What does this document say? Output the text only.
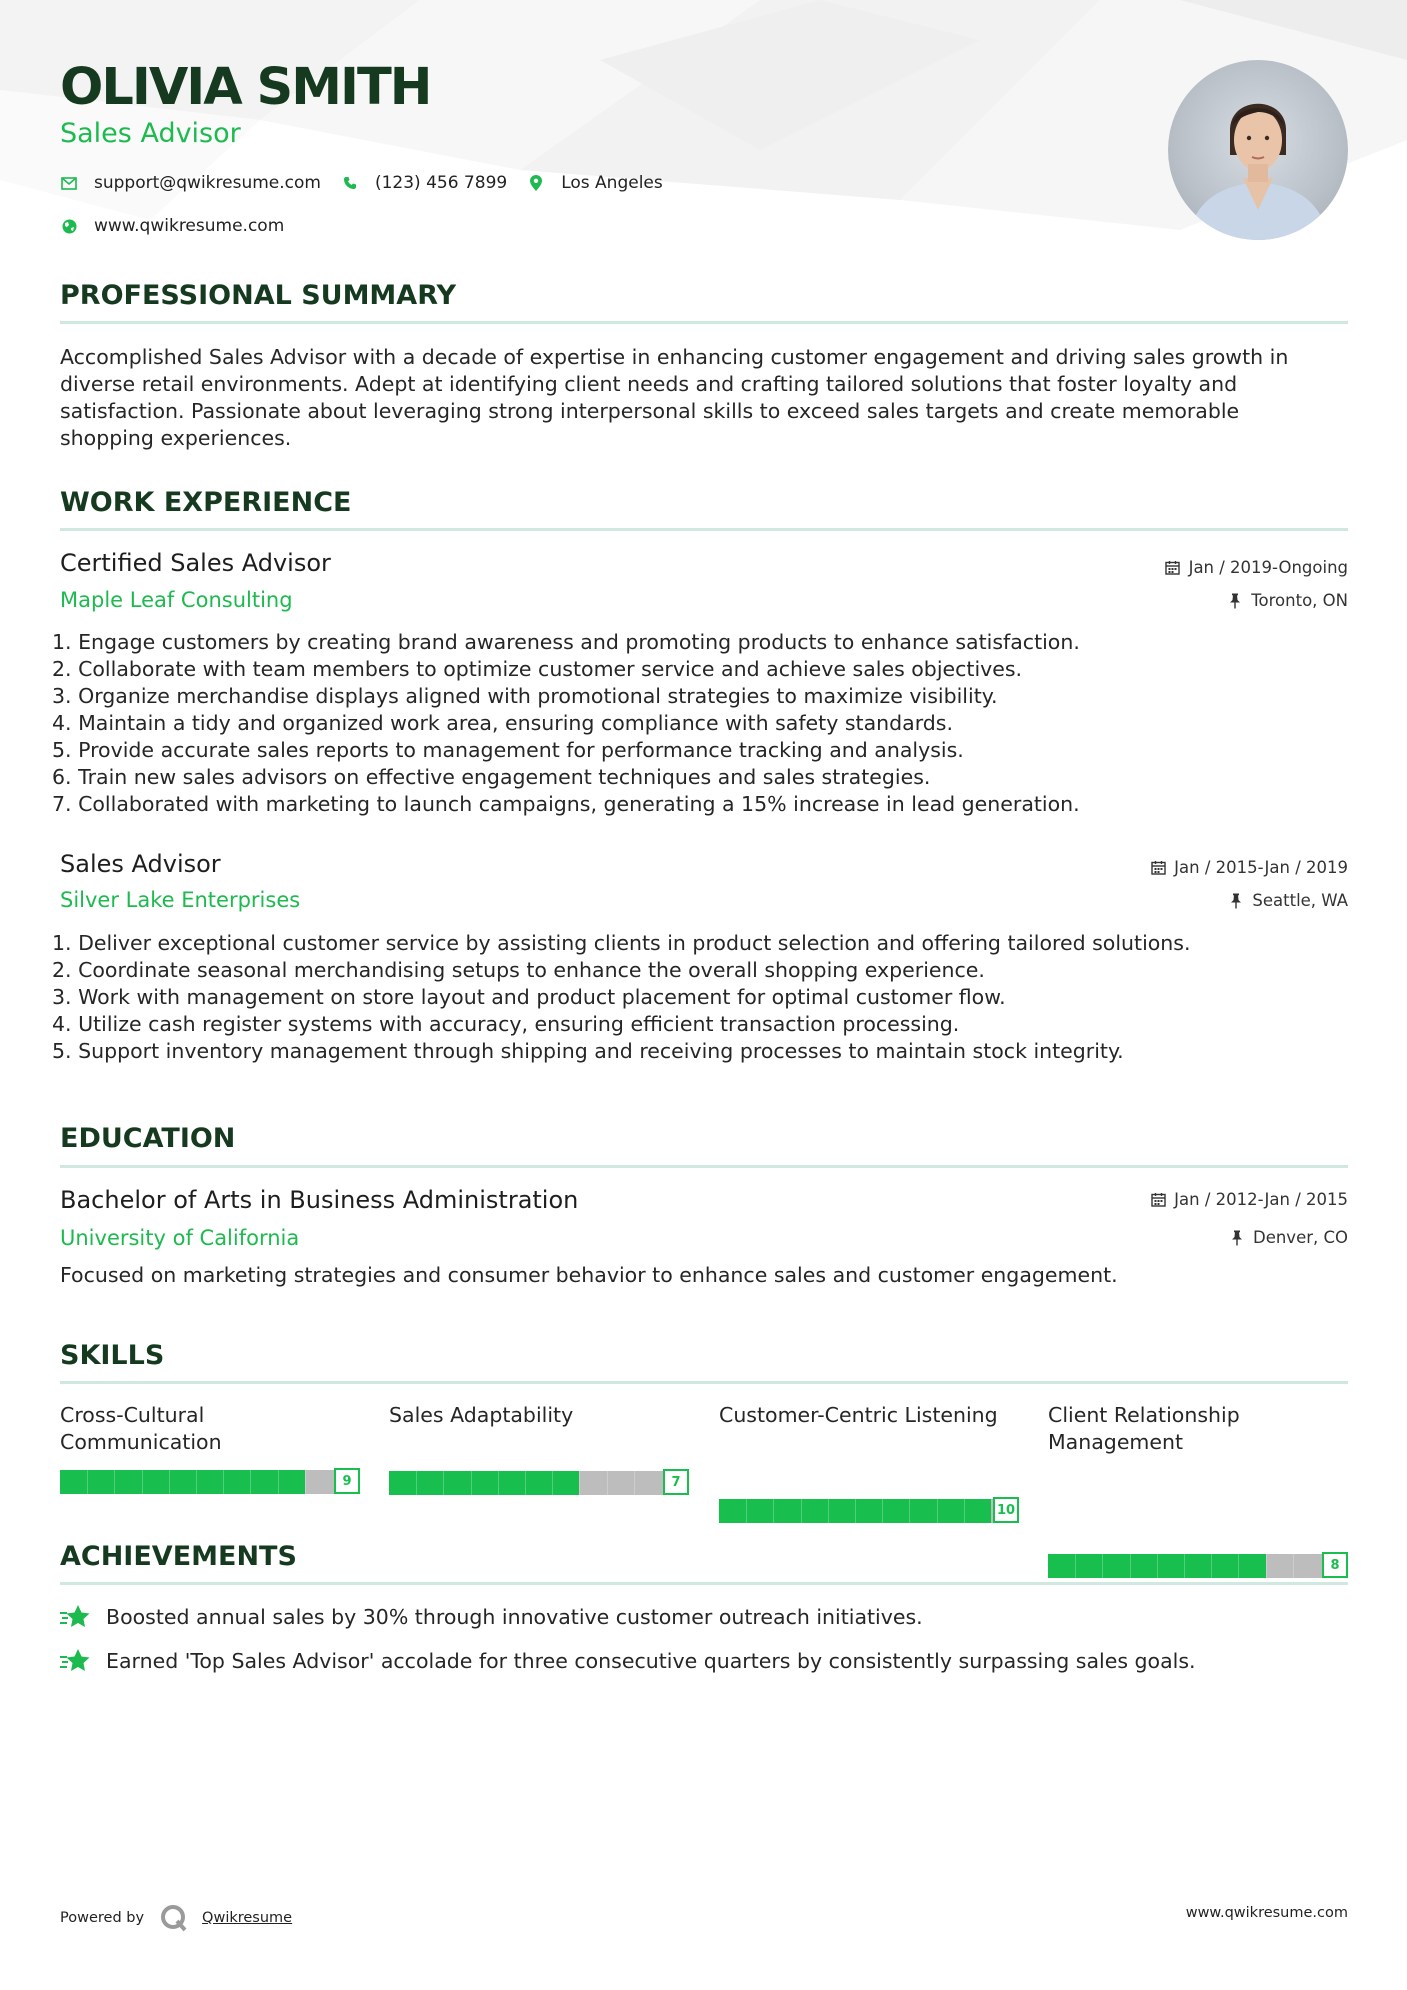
OLIVIA SMITH
Sales Advisor
support@qwikresume.com	(123) 456 7899	Los Angeles
www.qwikresume.com
PROFESSIONAL SUMMARY
Accomplished Sales Advisor with a decade of expertise in enhancing customer engagement and driving sales growth in
diverse retail environments. Adept at identifying client needs and crafting tailored solutions that foster loyalty and
satisfaction. Passionate about leveraging strong interpersonal skills to exceed sales targets and create memorable
shopping experiences.
WORK EXPERIENCE
Certified Sales Advisor
Maple Leaf Consulting
Jan / 2019-Ongoing
Toronto, ON
1. Engage customers by creating brand awareness and promoting products to enhance satisfaction.
2. Collaborate with team members to optimize customer service and achieve sales objectives.
3. Organize merchandise displays aligned with promotional strategies to maximize visibility.
4. Maintain a tidy and organized work area, ensuring compliance with safety standards.
5. Provide accurate sales reports to management for performance tracking and analysis.
6. Train new sales advisors on effective engagement techniques and sales strategies.
7. Collaborated with marketing to launch campaigns, generating a 15% increase in lead generation.
Sales Advisor
Silver Lake Enterprises
Jan / 2015-Jan / 2019
Seattle, WA
1. Deliver exceptional customer service by assisting clients in product selection and offering tailored solutions.
2. Coordinate seasonal merchandising setups to enhance the overall shopping experience.
3. Work with management on store layout and product placement for optimal customer flow.
4. Utilize cash register systems with accuracy, ensuring efficient transaction processing.
5. Support inventory management through shipping and receiving processes to maintain stock integrity.
EDUCATION
Bachelor of Arts in Business Administration
University of California
Jan / 2012-Jan / 2015
Denver, CO
Focused on marketing strategies and consumer behavior to enhance sales and customer engagement.
SKILLS
Cross-Cultural Communication
9
Sales Adaptability
7
Customer-Centric Listening
10
Client Relationship Management
8
ACHIEVEMENTS
Boosted annual sales by 30% through innovative customer outreach initiatives.
Earned 'Top Sales Advisor' accolade for three consecutive quarters by consistently surpassing sales goals.
Powered by	Qwikresume	www.qwikresume.com
